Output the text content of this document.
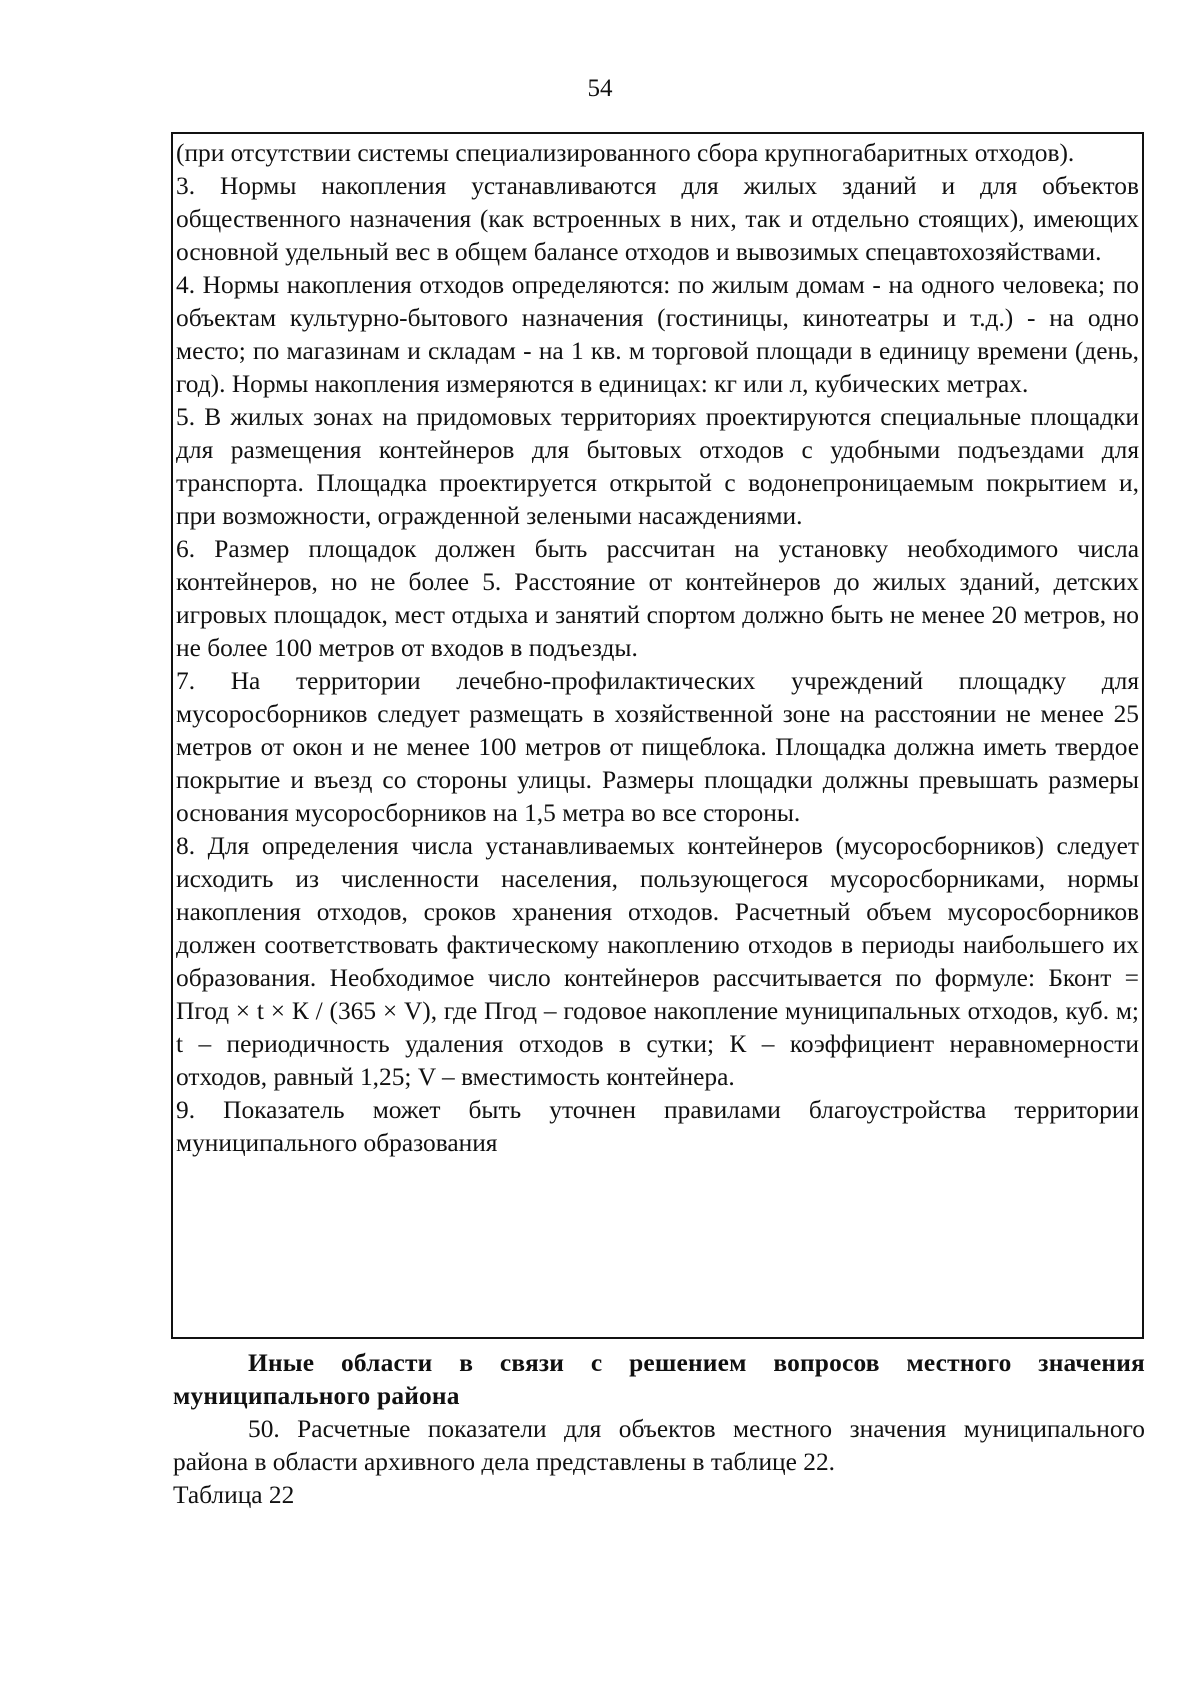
54

(при отсутствии системы специализированного сбора крупногабаритных отходов).

3. Нормы накопления устанавливаются для жилых зданий и для объектов общественного назначения (как встроенных в них, так и отдельно стоящих), имеющих основной удельный вес в общем балансе отходов и вывозимых спецавтохозяйствами.

4. Нормы накопления отходов определяются: по жилым домам - на одного человека; по объектам культурно-бытового назначения (гостиницы, кинотеатры и т.д.) - на одно место; по магазинам и складам - на 1 кв. м торговой площади в единицу времени (день, год). Нормы накопления измеряются в единицах: кг или л, кубических метрах.

5. В жилых зонах на придомовых территориях проектируются специальные площадки для размещения контейнеров для бытовых отходов с удобными подъездами для транспорта. Площадка проектируется открытой с водонепроницаемым покрытием и, при возможности, огражденной зелеными насаждениями.

6. Размер площадок должен быть рассчитан на установку необходимого числа контейнеров, но не более 5. Расстояние от контейнеров до жилых зданий, детских игровых площадок, мест отдыха и занятий спортом должно быть не менее 20 метров, но не более 100 метров от входов в подъезды.

7. На территории лечебно-профилактических учреждений площадку для мусоросборников следует размещать в хозяйственной зоне на расстоянии не менее 25 метров от окон и не менее 100 метров от пищеблока. Площадка должна иметь твердое покрытие и въезд со стороны улицы. Размеры площадки должны превышать размеры основания мусоросборников на 1,5 метра во все стороны.

8. Для определения числа устанавливаемых контейнеров (мусоросборников) следует исходить из численности населения, пользующегося мусоросборниками, нормы накопления отходов, сроков хранения отходов. Расчетный объем мусоросборников должен соответствовать фактическому накоплению отходов в периоды наибольшего их образования. Необходимое число контейнеров рассчитывается по формуле: Бконт = Пгод × t × К / (365 × V), где Пгод – годовое накопление муниципальных отходов, куб. м; t – периодичность удаления отходов в сутки; К – коэффициент неравномерности отходов, равный 1,25; V – вместимость контейнера.

9. Показатель может быть уточнен правилами благоустройства территории муниципального образования

Иные области в связи с решением вопросов местного значения муниципального района

50. Расчетные показатели для объектов местного значения муниципального района в области архивного дела представлены в таблице 22.

Таблица 22
